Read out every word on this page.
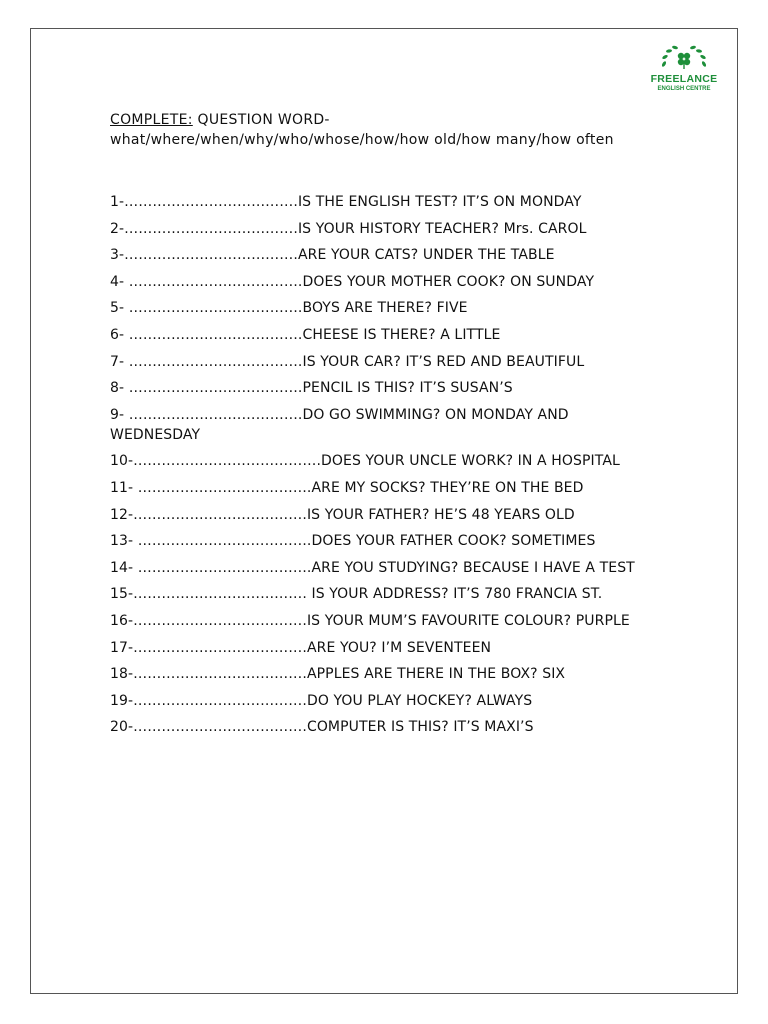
FREELANCE
ENGLISH CENTRE
COMPLETE: QUESTION WORD-
what/where/when/why/who/whose/how/how old/how many/how often
1-……………………………….IS THE ENGLISH TEST? IT’S ON MONDAY
2-……………………………….IS YOUR HISTORY TEACHER? Mrs. CAROL
3-……………………………….ARE YOUR CATS? UNDER THE TABLE
4- ……………………………….DOES YOUR MOTHER COOK? ON SUNDAY
5- ……………………………….BOYS ARE THERE? FIVE
6- ……………………………….CHEESE IS THERE? A LITTLE
7- ……………………………….IS YOUR CAR? IT’S RED AND BEAUTIFUL
8- ……………………………….PENCIL IS THIS? IT’S SUSAN’S
9- ……………………………….DO GO SWIMMING? ON MONDAY AND WEDNESDAY
10-………………………………….DOES YOUR UNCLE WORK? IN A HOSPITAL
11- ……………………………….ARE MY SOCKS? THEY’RE ON THE BED
12-……………………………….IS YOUR FATHER? HE’S 48 YEARS OLD
13- ……………………………….DOES YOUR FATHER COOK? SOMETIMES
14- ……………………………….ARE YOU STUDYING? BECAUSE I HAVE A TEST
15-………………………………. IS YOUR ADDRESS? IT’S 780 FRANCIA ST.
16-……………………………….IS YOUR MUM’S FAVOURITE COLOUR? PURPLE
17-……………………………….ARE YOU? I’M SEVENTEEN
18-……………………………….APPLES ARE THERE IN THE BOX? SIX
19-……………………………….DO YOU PLAY HOCKEY? ALWAYS
20-……………………………….COMPUTER IS THIS? IT’S MAXI’S
